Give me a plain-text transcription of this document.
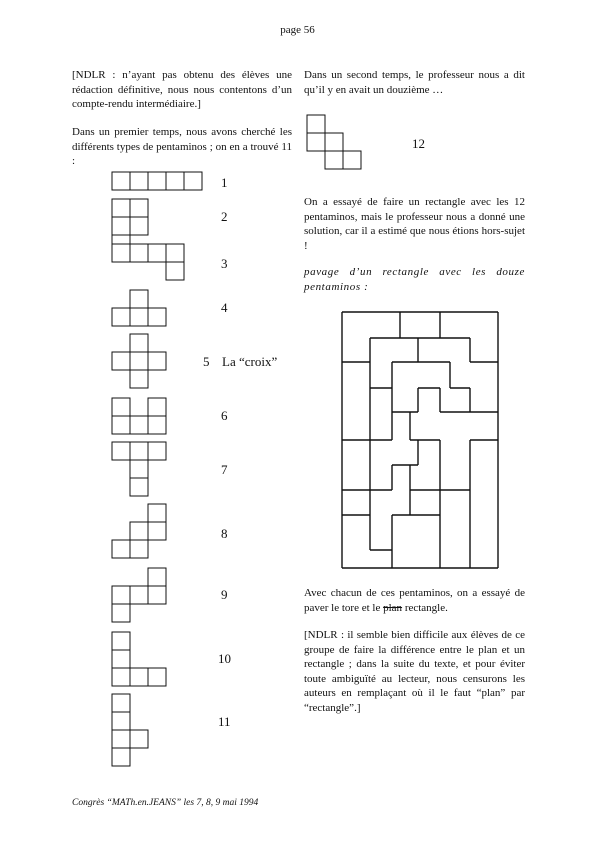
page 56
[NDLR : n’ayant pas obtenu des élèves une rédaction définitive, nous nous contentons d’un compte-rendu intermédiaire.]
Dans un premier temps, nous avons cherché les différents types de pentaminos ; on en a trouvé 11 :
1
2
3
4
5 La “croix”
6
7
8
9
10
11
Dans un second temps, le professeur nous a dit qu’il y en avait un douzième …
12
On a essayé de faire un rectangle avec les 12 pentaminos, mais le professeur nous a donné une solution, car il a estimé que nous étions hors-sujet !
pavage d’un rectangle avec les douze pentaminos :
Avec chacun de ces pentaminos, on a essayé de paver le tore et le plan rectangle.
[NDLR : il semble bien difficile aux élèves de ce groupe de faire la différence entre le plan et un rectangle ; dans la suite du texte, et pour éviter toute ambiguïté au lecteur, nous censurons les auteurs en remplaçant où il le faut “plan” par “rectangle”.]
Congrès “MATh.en.JEANS” les 7, 8, 9 mai 1994
